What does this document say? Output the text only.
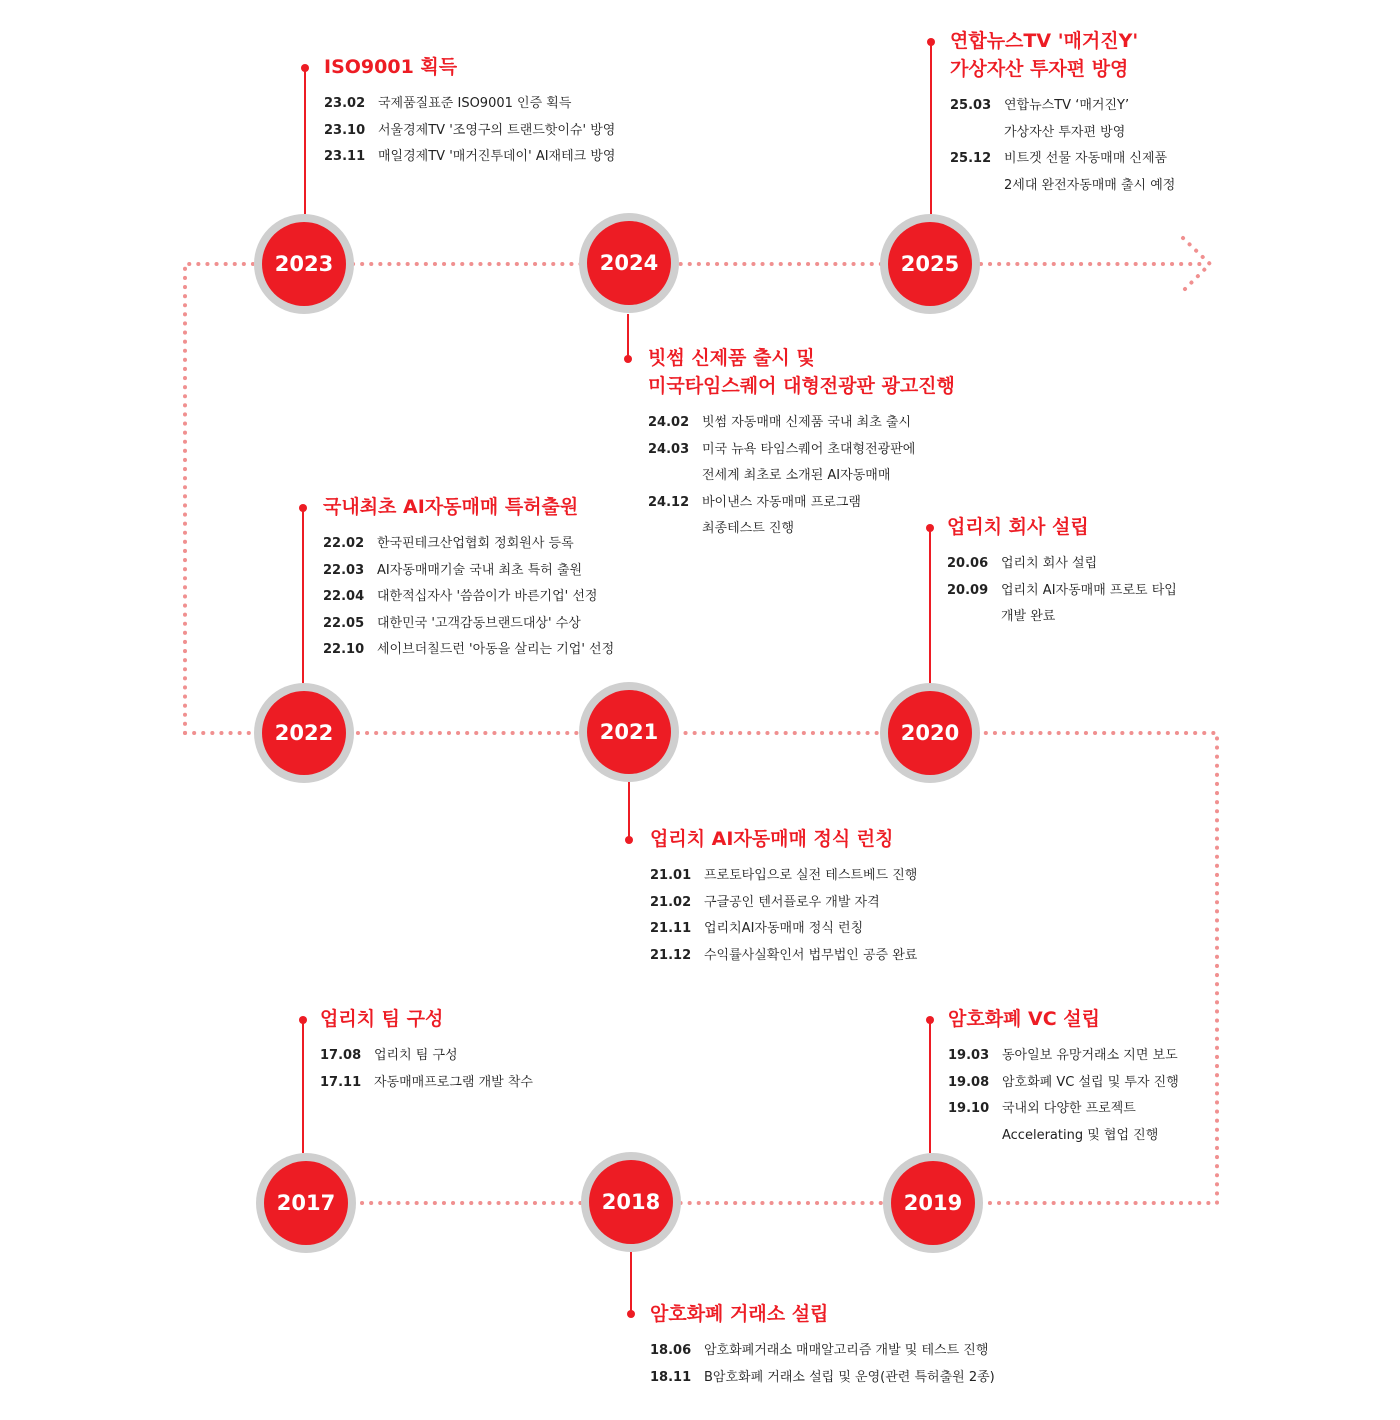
2023	2024	2025
2022	2021	2020
2017	2018	2019
ISO9001 획득
23.02 국제품질표준 ISO9001 인증 획득
23.10 서울경제TV '조영구의 트랜드핫이슈' 방영
23.11 매일경제TV '매거진투데이' AI재테크 방영
연합뉴스TV '매거진Y'
가상자산 투자편 방영
25.03 연합뉴스TV ‘매거진Y’
가상자산 투자편 방영
25.12 비트겟 선물 자동매매 신제품
2세대 완전자동매매 출시 예정
빗썸 신제품 출시 및
미국타임스퀘어 대형전광판 광고진행
24.02 빗썸 자동매매 신제품 국내 최초 출시
24.03 미국 뉴욕 타임스퀘어 초대형전광판에
전세계 최초로 소개된 AI자동매매
24.12 바이낸스 자동매매 프로그램
최종테스트 진행
국내최초 AI자동매매 특허출원
22.02 한국핀테크산업협회 정회원사 등록
22.03 AI자동매매기술 국내 최초 특허 출원
22.04 대한적십자사 '씀씀이가 바른기업' 선정
22.05 대한민국 '고객감동브랜드대상' 수상
22.10 세이브더칠드런 '아동을 살리는 기업' 선정
업리치 회사 설립
20.06 업리치 회사 설립
20.09 업리치 AI자동매매 프로토 타입
개발 완료
업리치 AI자동매매 정식 런칭
21.01 프로토타입으로 실전 테스트베드 진행
21.02 구글공인 텐서플로우 개발 자격
21.11 업리치AI자동매매 정식 런칭
21.12 수익률사실확인서 법무법인 공증 완료
업리치 팀 구성
17.08 업리치 팀 구성
17.11 자동매매프로그램 개발 착수
암호화폐 VC 설립
19.03 동아일보 유망거래소 지면 보도
19.08 암호화폐 VC 설립 및 투자 진행
19.10 국내외 다양한 프로젝트
Accelerating 및 협업 진행
암호화폐 거래소 설립
18.06 암호화폐거래소 매매알고리즘 개발 및 테스트 진행
18.11 B암호화폐 거래소 설립 및 운영(관련 특허출원 2종)
